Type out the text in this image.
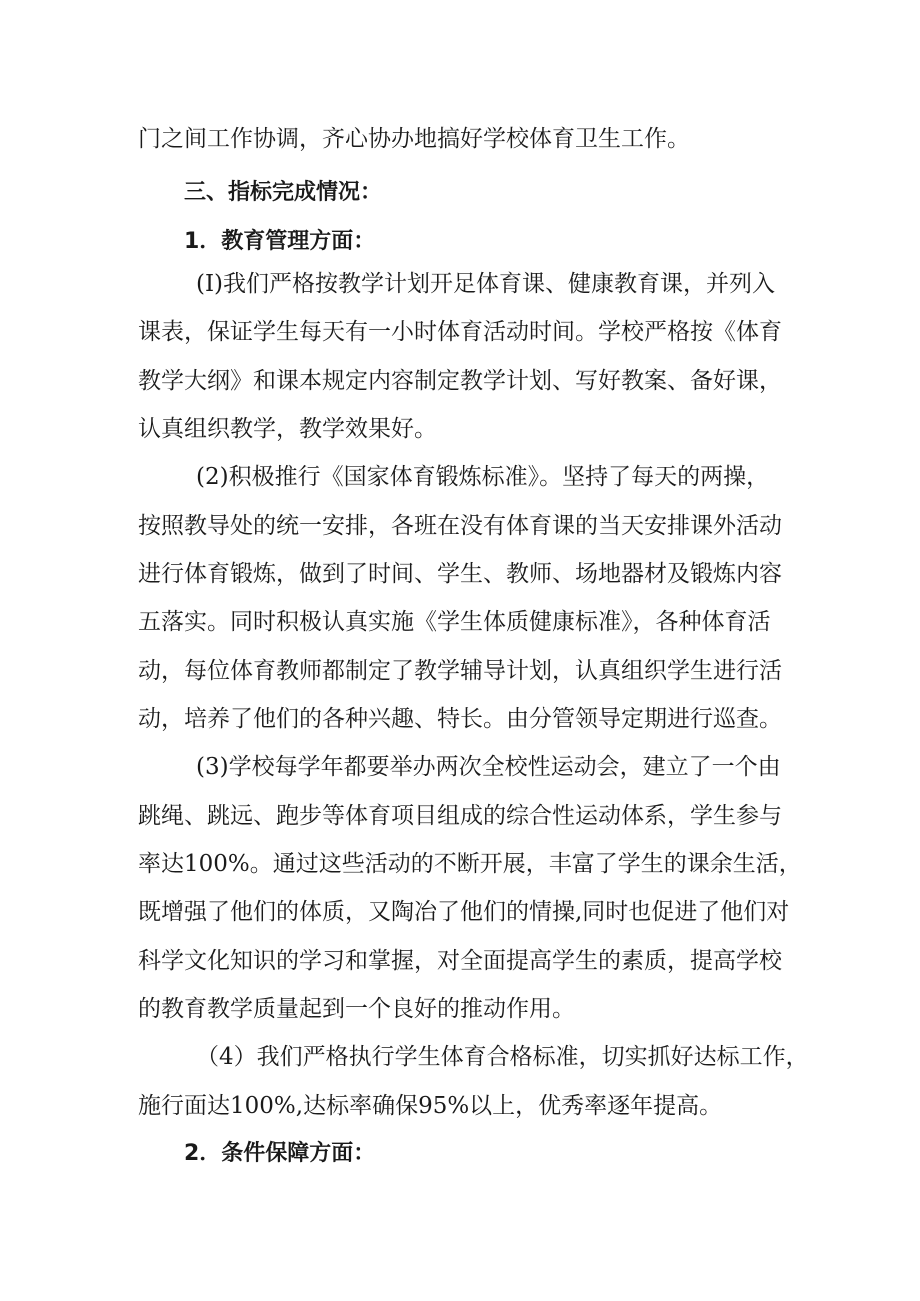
门之间工作协调，齐心协办地搞好学校体育卫生工作。
三、指标完成情况：
1．教育管理方面：
(I)我们严格按教学计划开足体育课、健康教育课，并列入
课表，保证学生每天有一小时体育活动时间。学校严格按《体育
教学大纲》和课本规定内容制定教学计划、写好教案、备好课，
认真组织教学，教学效果好。
(2)积极推行《国家体育锻炼标准》。坚持了每天的两操，
按照教导处的统一安排，各班在没有体育课的当天安排课外活动
进行体育锻炼，做到了时间、学生、教师、场地器材及锻炼内容
五落实。同时积极认真实施《学生体质健康标准》，各种体育活
动，每位体育教师都制定了教学辅导计划，认真组织学生进行活
动，培养了他们的各种兴趣、特长。由分管领导定期进行巡查。
(3)学校每学年都要举办两次全校性运动会，建立了一个由
跳绳、跳远、跑步等体育项目组成的综合性运动体系，学生参与
率达100%。通过这些活动的不断开展，丰富了学生的课余生活，
既增强了他们的体质，又陶冶了他们的情操,同时也促进了他们对
科学文化知识的学习和掌握，对全面提高学生的素质，提高学校
的教育教学质量起到一个良好的推动作用。
（4）我们严格执行学生体育合格标准，切实抓好达标工作，
施行面达100%,达标率确保95%以上，优秀率逐年提高。
2．条件保障方面：
